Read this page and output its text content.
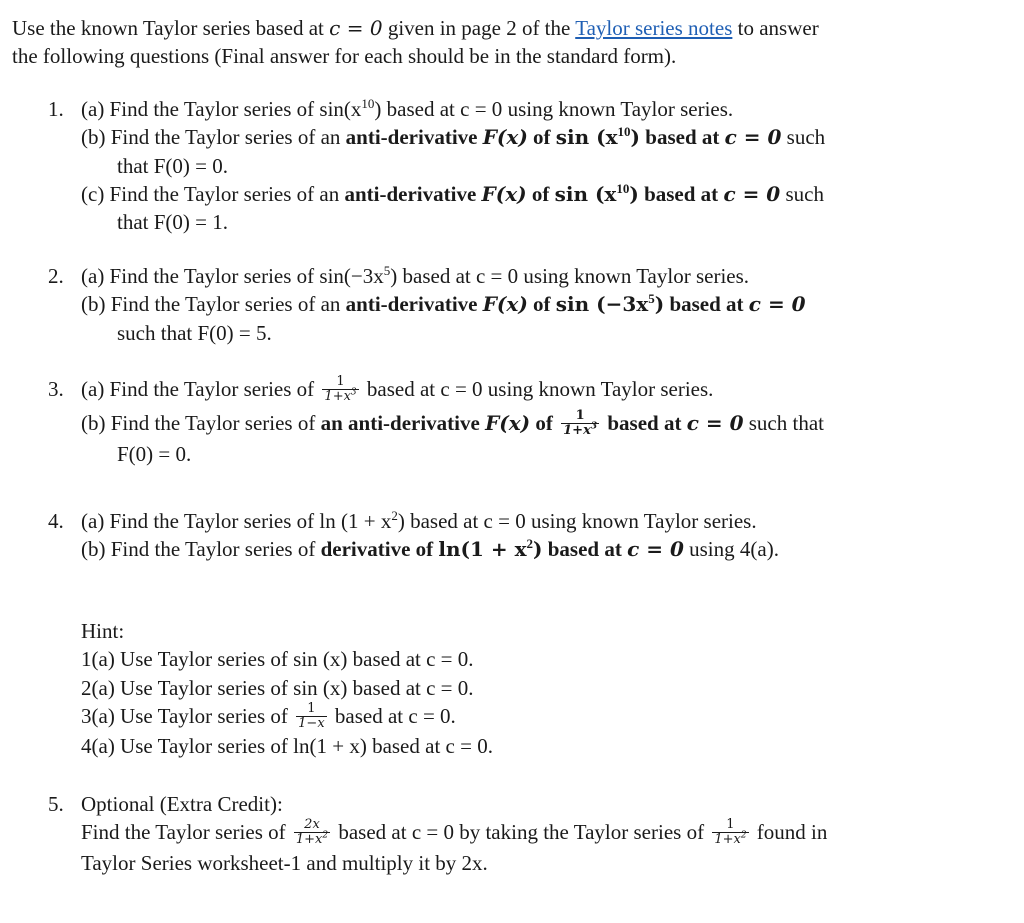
Use the known Taylor series based at c = 0 given in page 2 of the Taylor series notes to answer

the following questions (Final answer for each should be in the standard form).

1. (a) Find the Taylor series of $\sin(x^{10})$ based at c = 0 using known Taylor series.
(b) Find the Taylor series of an anti-derivative F(x) of $\sin (x^{10})$ based at c = 0 such
that F(0) = 0.
(c) Find the Taylor series of an anti-derivative F(x) of $\sin (x^{10})$ based at c = 0 such
that F(0) = 1.
2. (a) Find the Taylor series of $\sin(-3x^5)$ based at c = 0 using known Taylor series.
(b) Find the Taylor series of an anti-derivative F(x) of $\sin (-3x^5)$ based at c = 0
such that F(0) = 5.
3. (a) Find the Taylor series of $\frac{1}{1+x^3}$ based at c = 0 using known Taylor series.
(b) Find the Taylor series of an anti-derivative F(x) of $\frac{1}{1+x^3}$ based at c = 0 such that
F(0) = 0.
4. (a) Find the Taylor series of $\ln (1 + x^2)$ based at c = 0 using known Taylor series.
(b) Find the Taylor series of derivative of $\ln(1 + x^2)$ based at c = 0 using 4(a).
Hint:
1(a) Use Taylor series of sin (x) based at c = 0.
2(a) Use Taylor series of sin (x) based at c = 0.
3(a) Use Taylor series of $\frac{1}{1-x}$ based at c = 0.
4(a) Use Taylor series of ln(1 + x) based at c = 0.
5. Optional (Extra Credit):
Find the Taylor series of $\frac{2x}{1+x^2}$ based at c = 0 by taking the Taylor series of $\frac{1}{1+x^2}$ found in
Taylor Series worksheet-1 and multiply it by 2x.
